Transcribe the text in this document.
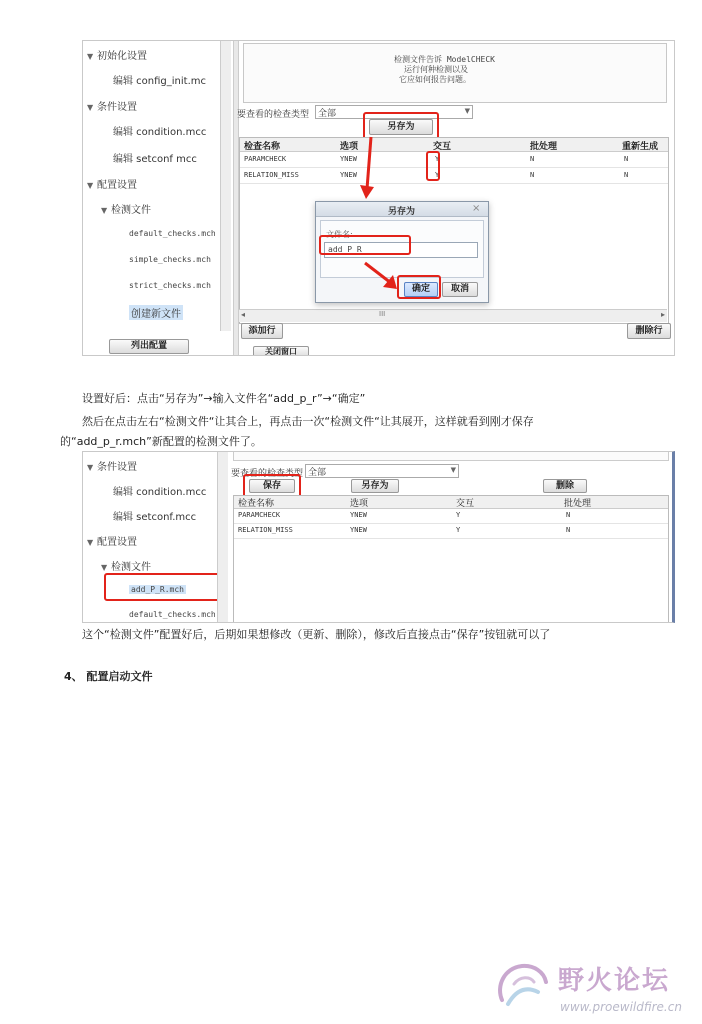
▼ 初始化设置
编辑 config_init.mc
▼ 条件设置
编辑 condition.mcc
编辑 setconf mcc
▼ 配置设置
▼ 检测文件
default_checks.mch
simple_checks.mch
strict_checks.mch
创建新文件
列出配置
检测文件告诉 ModelCHECK
运行何种检测以及
它应如何报告问题。
要查看的检查类型 全部	▼
另存为
检查名称	选项	交互	批处理	重新生成
PARAMCHECK	YNEW	Y	N	N
RELATION_MISS	YNEW	Y	N	N
◂	III	▸
添加行	删除行
关闭窗口
另存为	×
文件名:
add_P_R
确定	取消
设置好后：点击“另存为”→输入文件名“add_p_r”→“确定”
然后在点击左右“检测文件“让其合上，再点击一次“检测文件“让其展开，这样就看到刚才保存
的“add_p_r.mch”新配置的检测文件了。
▼ 条件设置
编辑 condition.mcc
编辑 setconf.mcc
▼ 配置设置
▼ 检测文件
add_P_R.mch
default_checks.mch
要查看的检查类型 全部	▼
保存	另存为	删除
检查名称	选项	交互	批处理
PARAMCHECK	YNEW	Y	N
RELATION_MISS	YNEW	Y	N
这个“检测文件”配置好后，后期如果想修改（更新、删除），修改后直接点击“保存”按钮就可以了
4、 配置启动文件
野火论坛
www.proewildfire.cn
